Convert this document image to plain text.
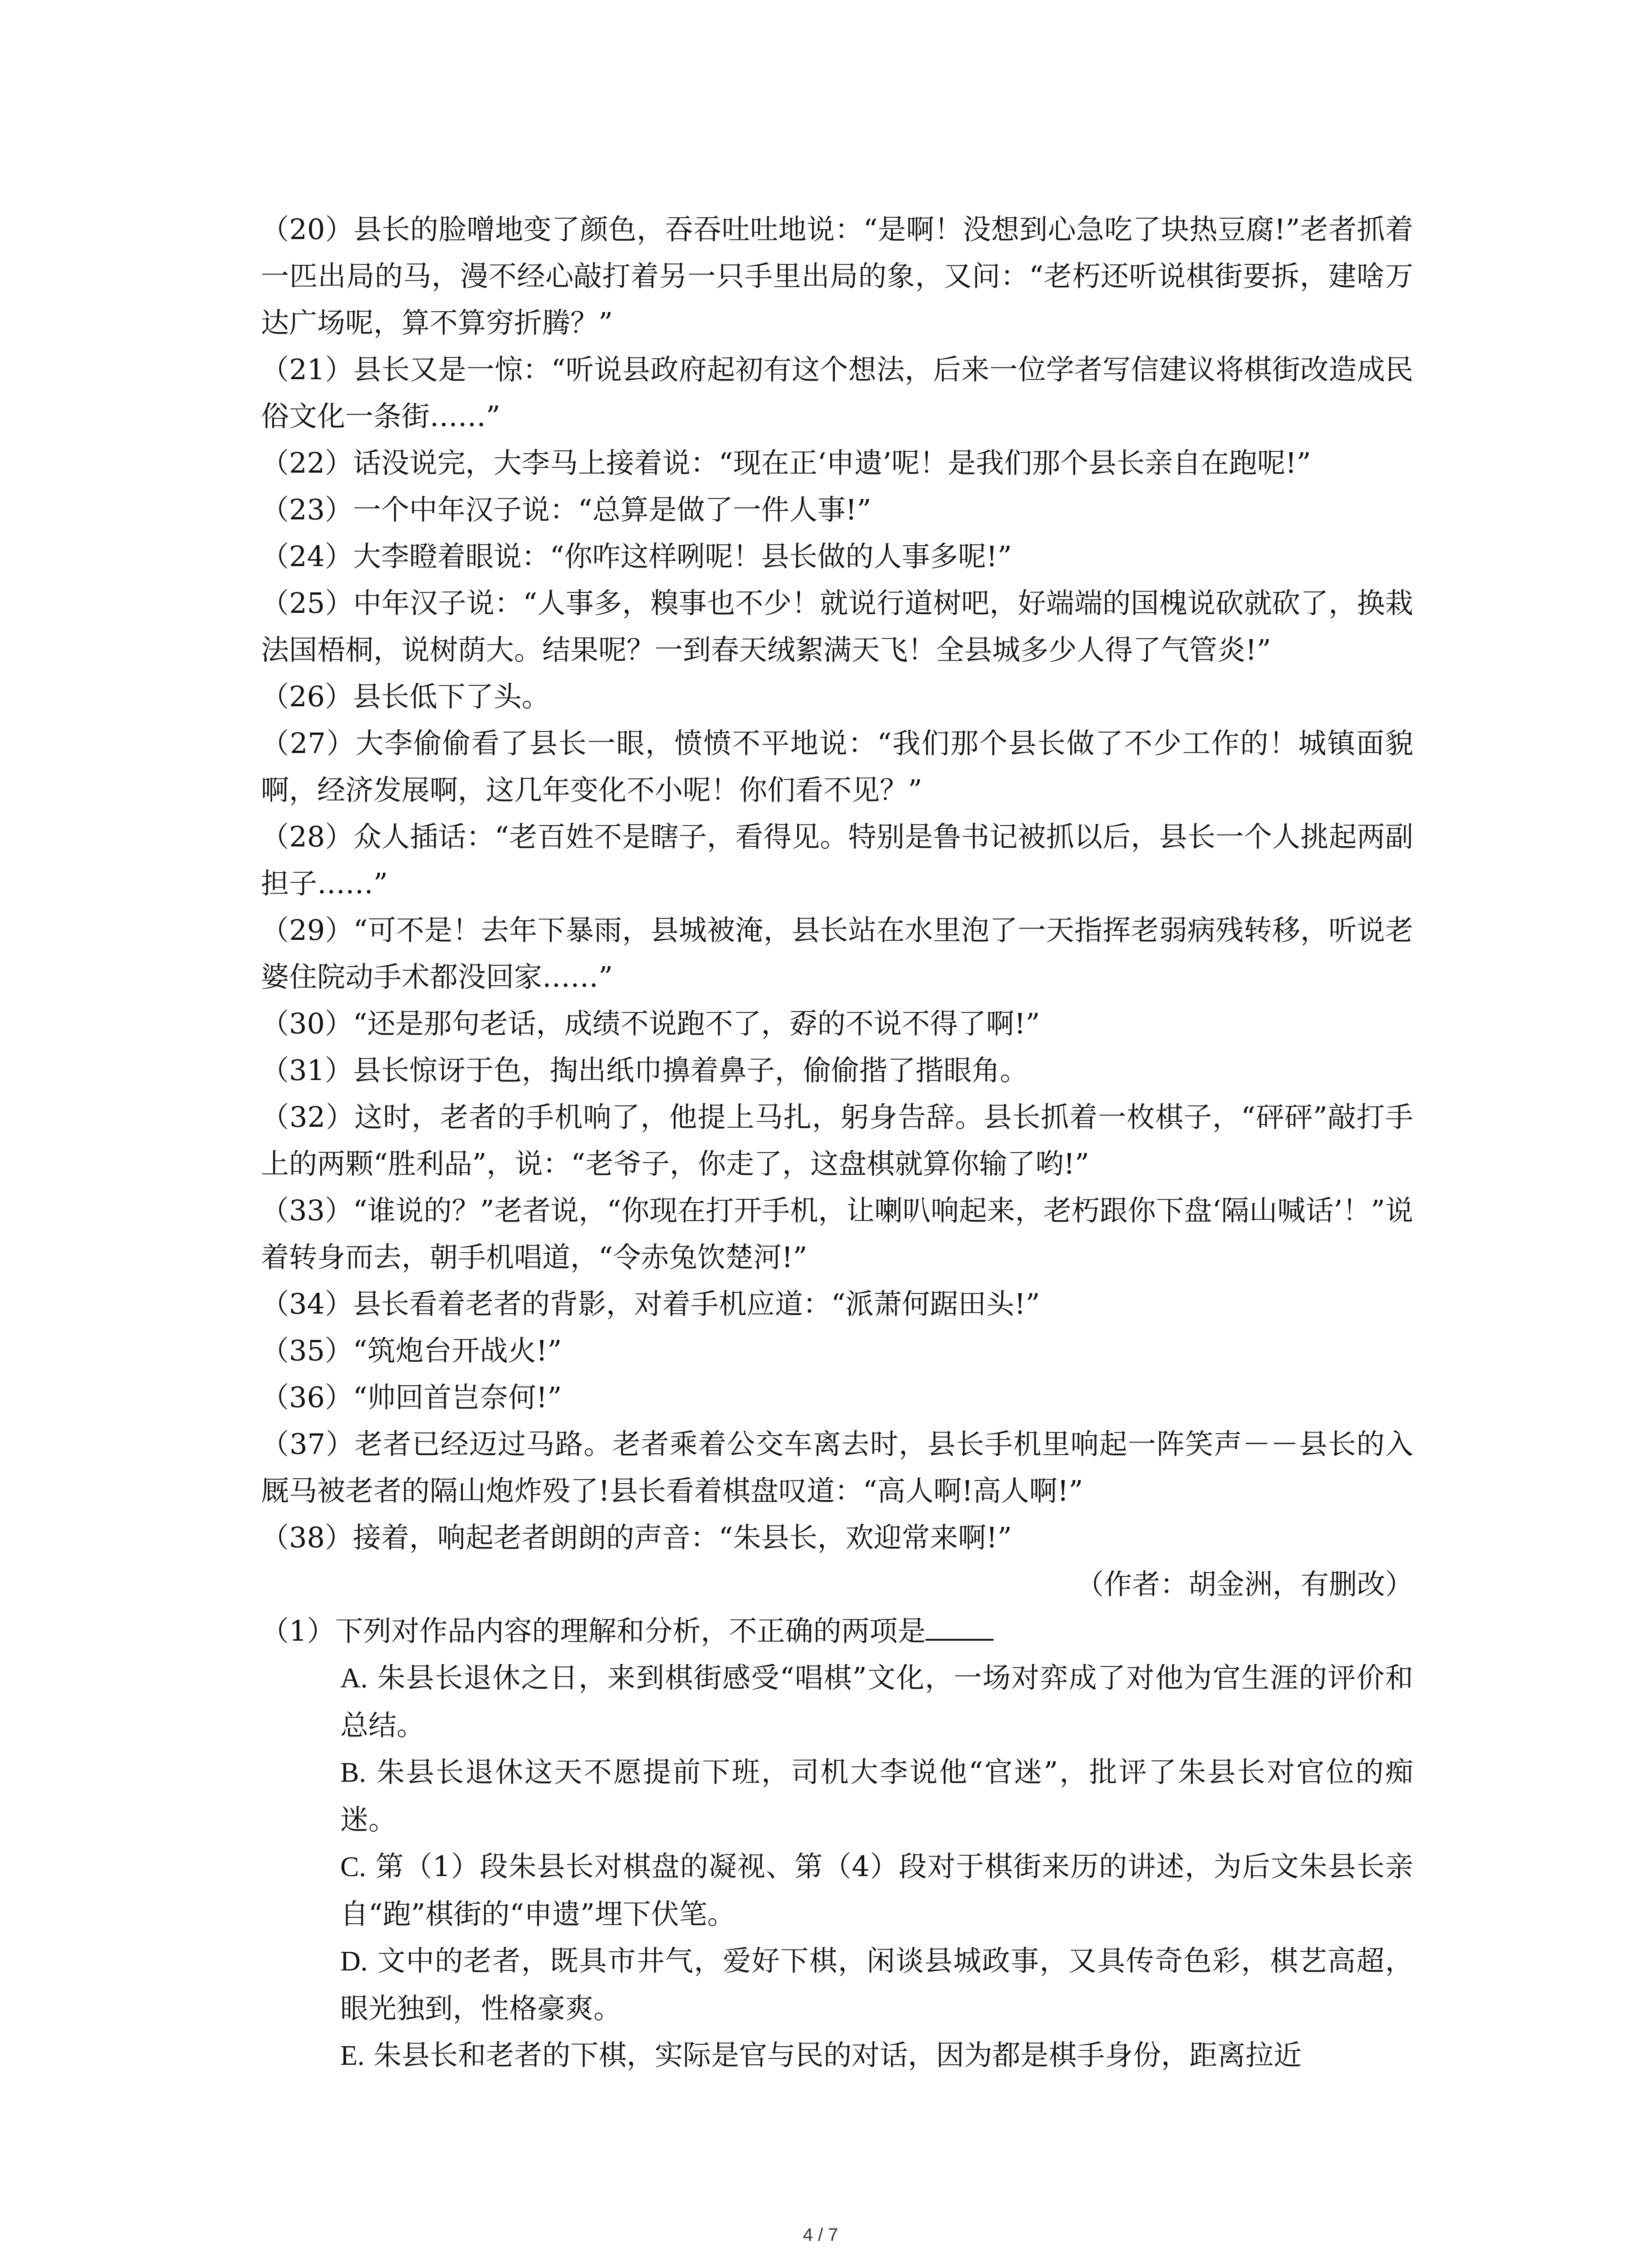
（20）县长的脸噌地变了颜色，吞吞吐吐地说：“是啊！没想到心急吃了块热豆腐!”老者抓着一匹出局的马，漫不经心敲打着另一只手里出局的象，又问：“老朽还听说棋街要拆，建啥万达广场呢，算不算穷折腾？”

（21）县长又是一惊：“听说县政府起初有这个想法，后来一位学者写信建议将棋街改造成民俗文化一条街……”

（22）话没说完，大李马上接着说：“现在正‘申遗’呢！是我们那个县长亲自在跑呢!”

（23）一个中年汉子说：“总算是做了一件人事!”

（24）大李瞪着眼说：“你咋这样咧呢！县长做的人事多呢!”

（25）中年汉子说：“人事多，糗事也不少！就说行道树吧，好端端的国槐说砍就砍了，换栽法国梧桐，说树荫大。结果呢？一到春天绒絮满天飞！全县城多少人得了气管炎!”

（26）县长低下了头。

（27）大李偷偷看了县长一眼，愤愤不平地说：“我们那个县长做了不少工作的！城镇面貌啊，经济发展啊，这几年变化不小呢！你们看不见？”

（28）众人插话：“老百姓不是瞎子，看得见。特别是鲁书记被抓以后，县长一个人挑起两副担子……”

（29）“可不是！去年下暴雨，县城被淹，县长站在水里泡了一天指挥老弱病残转移，听说老婆住院动手术都没回家……”

（30）“还是那句老话，成绩不说跑不了，孬的不说不得了啊!”

（31）县长惊讶于色，掏出纸巾擤着鼻子，偷偷揩了揩眼角。

（32）这时，老者的手机响了，他提上马扎，躬身告辞。县长抓着一枚棋子，“砰砰”敲打手上的两颗“胜利品”，说：“老爷子，你走了，这盘棋就算你输了哟!”

（33）“谁说的？”老者说，“你现在打开手机，让喇叭响起来，老朽跟你下盘‘隔山喊话’！”说着转身而去，朝手机唱道，“令赤兔饮楚河!”

（34）县长看着老者的背影，对着手机应道：“派萧何踞田头!”

（35）“筑炮台开战火!”

（36）“帅回首岂奈何!”

（37）老者已经迈过马路。老者乘着公交车离去时，县长手机里响起一阵笑声－－县长的入厩马被老者的隔山炮炸殁了!县长看着棋盘叹道：“高人啊!高人啊!”

（38）接着，响起老者朗朗的声音：“朱县长，欢迎常来啊!”

（作者：胡金洲，有删改）

（1）下列对作品内容的理解和分析，不正确的两项是

A. 朱县长退休之日，来到棋街感受“唱棋”文化，一场对弈成了对他为官生涯的评价和总结。

B. 朱县长退休这天不愿提前下班，司机大李说他“官迷”，批评了朱县长对官位的痴迷。

C. 第（1）段朱县长对棋盘的凝视、第（4）段对于棋街来历的讲述，为后文朱县长亲自“跑”棋街的“申遗”埋下伏笔。

D. 文中的老者，既具市井气，爱好下棋，闲谈县城政事，又具传奇色彩，棋艺高超，眼光独到，性格豪爽。

E. 朱县长和老者的下棋，实际是官与民的对话，因为都是棋手身份，距离拉近

4 / 7
